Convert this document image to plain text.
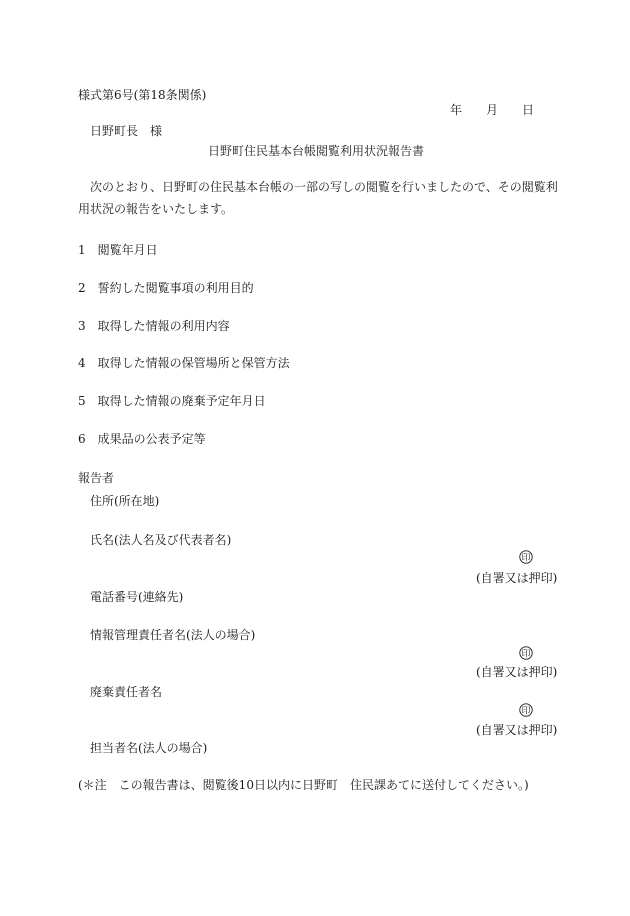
様式第6号(第18条関係)
年 月 日
日野町長　様
日野町住民基本台帳閲覧利用状況報告書
次のとおり、日野町の住民基本台帳の一部の写しの閲覧を行いましたので、その閲覧利用状況の報告をいたします。
1　閲覧年月日
2　誓約した閲覧事項の利用目的
3　取得した情報の利用内容
4　取得した情報の保管場所と保管方法
5　取得した情報の廃棄予定年月日
6　成果品の公表予定等
報告者
住所(所在地)
氏名(法人名及び代表者名)
印
(自署又は押印)
電話番号(連絡先)
情報管理責任者名(法人の場合)
印
(自署又は押印)
廃棄責任者名
印
(自署又は押印)
担当者名(法人の場合)
(＊注　この報告書は、閲覧後10日以内に日野町　住民課あてに送付してください。)
